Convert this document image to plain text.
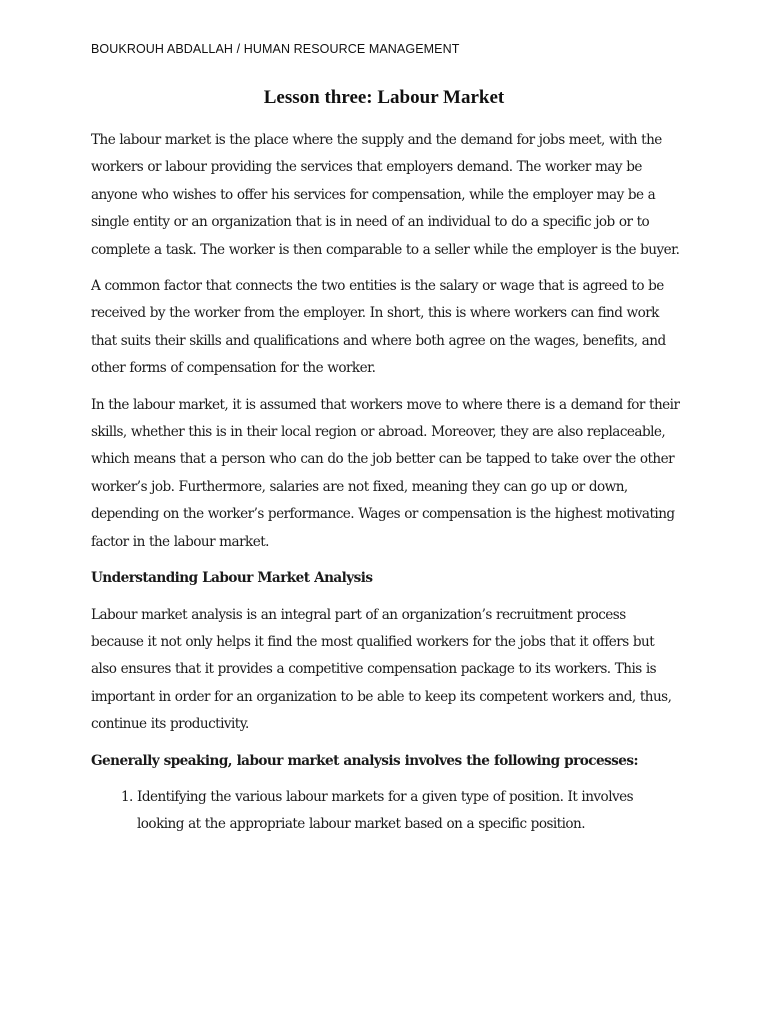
BOUKROUH ABDALLAH / HUMAN RESOURCE MANAGEMENT
Lesson three: Labour Market

The labour market is the place where the supply and the demand for jobs meet, with the workers or labour providing the services that employers demand. The worker may be anyone who wishes to offer his services for compensation, while the employer may be a single entity or an organization that is in need of an individual to do a specific job or to complete a task. The worker is then comparable to a seller while the employer is the buyer.

A common factor that connects the two entities is the salary or wage that is agreed to be received by the worker from the employer. In short, this is where workers can find work that suits their skills and qualifications and where both agree on the wages, benefits, and other forms of compensation for the worker.

In the labour market, it is assumed that workers move to where there is a demand for their skills, whether this is in their local region or abroad. Moreover, they are also replaceable, which means that a person who can do the job better can be tapped to take over the other worker’s job. Furthermore, salaries are not fixed, meaning they can go up or down, depending on the worker’s performance. Wages or compensation is the highest motivating factor in the labour market.

Understanding Labour Market Analysis

Labour market analysis is an integral part of an organization’s recruitment process because it not only helps it find the most qualified workers for the jobs that it offers but also ensures that it provides a competitive compensation package to its workers. This is important in order for an organization to be able to keep its competent workers and, thus, continue its productivity.

Generally speaking, labour market analysis involves the following processes:
1. Identifying the various labour markets for a given type of position. It involves looking at the appropriate labour market based on a specific position.
